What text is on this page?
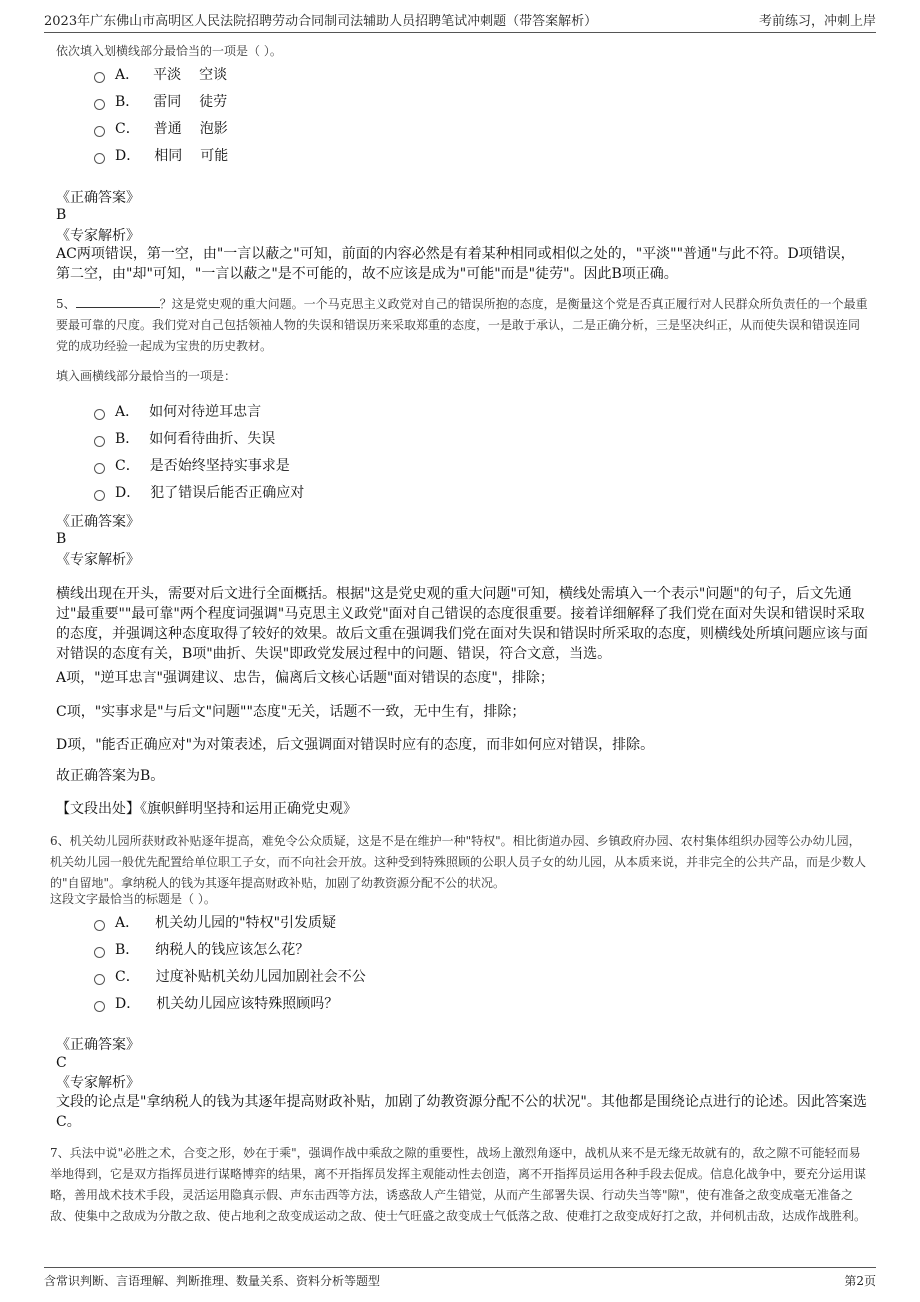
2023年广东佛山市高明区人民法院招聘劳动合同制司法辅助人员招聘笔试冲刺题（带答案解析）	考前练习，冲刺上岸
依次填入划横线部分最恰当的一项是（ ）。
A． 平淡 空谈
B． 雷同 徒劳
C． 普通 泡影
D． 相同 可能
《正确答案》
B
《专家解析》
AC两项错误，第一空，由"一言以蔽之"可知，前面的内容必然是有着某种相同或相似之处的，"平淡""普通"与此不符。D项错误，第二空，由"却"可知，"一言以蔽之"是不可能的，故不应该是成为"可能"而是"徒劳"。因此B项正确。
5、	？这是党史观的重大问题。一个马克思主义政党对自己的错误所抱的态度，是衡量这个党是否真正履行对人民群众所负责任的一个最重要最可靠的尺度。我们党对自己包括领袖人物的失误和错误历来采取郑重的态度，一是敢于承认，二是正确分析，三是坚决纠正，从而使失误和错误连同党的成功经验一起成为宝贵的历史教材。
填入画横线部分最恰当的一项是：
A． 如何对待逆耳忠言
B． 如何看待曲折、失误
C． 是否始终坚持实事求是
D． 犯了错误后能否正确应对
《正确答案》
B
《专家解析》
横线出现在开头，需要对后文进行全面概括。根据"这是党史观的重大问题"可知，横线处需填入一个表示"问题"的句子，后文先通过"最重要""最可靠"两个程度词强调"马克思主义政党"面对自己错误的态度很重要。接着详细解释了我们党在面对失误和错误时采取的态度，并强调这种态度取得了较好的效果。故后文重在强调我们党在面对失误和错误时所采取的态度，则横线处所填问题应该与面对错误的态度有关，B项"曲折、失误"即政党发展过程中的问题、错误，符合文意，当选。
A项，"逆耳忠言"强调建议、忠告，偏离后文核心话题"面对错误的态度"，排除；
C项，"实事求是"与后文"问题""态度"无关，话题不一致，无中生有，排除；
D项，"能否正确应对"为对策表述，后文强调面对错误时应有的态度，而非如何应对错误，排除。
故正确答案为B。
【文段出处】《旗帜鲜明坚持和运用正确党史观》
6、机关幼儿园所获财政补贴逐年提高，难免令公众质疑，这是不是在维护一种"特权"。相比街道办园、乡镇政府办园、农村集体组织办园等公办幼儿园，机关幼儿园一般优先配置给单位职工子女，而不向社会开放。这种受到特殊照顾的公职人员子女的幼儿园，从本质来说，并非完全的公共产品，而是少数人的"自留地"。拿纳税人的钱为其逐年提高财政补贴，加剧了幼教资源分配不公的状况。
这段文字最恰当的标题是（ ）。
A． 机关幼儿园的"特权"引发质疑
B． 纳税人的钱应该怎么花？
C． 过度补贴机关幼儿园加剧社会不公
D． 机关幼儿园应该特殊照顾吗？
《正确答案》
C
《专家解析》
文段的论点是"拿纳税人的钱为其逐年提高财政补贴，加剧了幼教资源分配不公的状况"。其他都是围绕论点进行的论述。因此答案选C。
7、兵法中说"必胜之术，合变之形，妙在于乘"，强调作战中乘敌之隙的重要性，战场上激烈角逐中，战机从来不是无缘无故就有的，敌之隙不可能轻而易举地得到，它是双方指挥员进行谋略博弈的结果，离不开指挥员发挥主观能动性去创造，离不开指挥员运用各种手段去促成。信息化战争中，要充分运用谋略，善用战术技术手段，灵活运用隐真示假、声东击西等方法，诱惑敌人产生错觉，从而产生部署失误、行动失当等"隙"，使有准备之敌变成毫无准备之敌、使集中之敌成为分散之敌、使占地利之敌变成运动之敌、使士气旺盛之敌变成士气低落之敌、使难打之敌变成好打之敌，并伺机击敌，达成作战胜利。
含常识判断、言语理解、判断推理、数量关系、资料分析等题型	第2页
